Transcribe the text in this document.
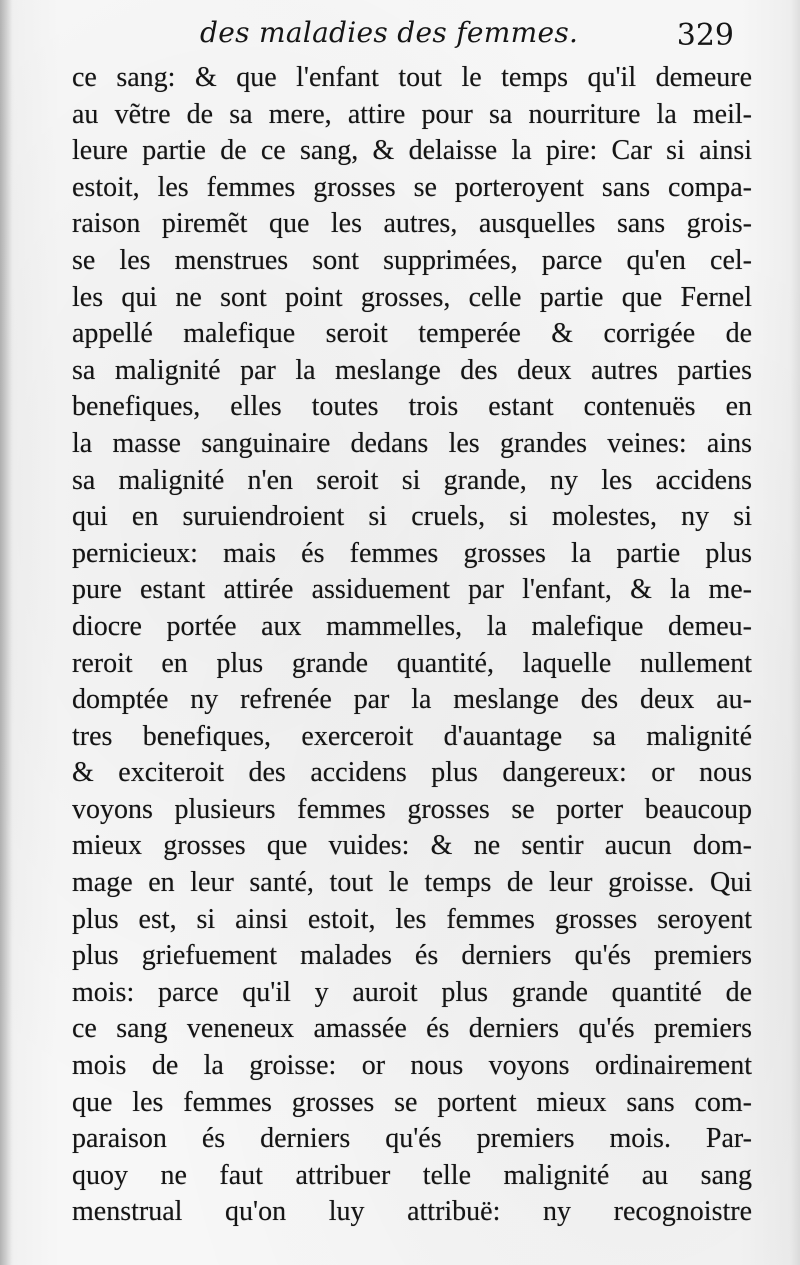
des maladies des femmes.	329
ce sang: & que l'enfant tout le temps qu'il demeure
au vẽtre de sa mere, attire pour sa nourriture la meil-
leure partie de ce sang, & delaisse la pire: Car si ainsi
estoit, les femmes grosses se porteroyent sans compa-
raison piremẽt que les autres, ausquelles sans grois-
se les menstrues sont supprimées, parce qu'en cel-
les qui ne sont point grosses, celle partie que Fernel
appellé malefique seroit temperée & corrigée de
sa malignité par la meslange des deux autres parties
benefiques, elles toutes trois estant contenuës en
la masse sanguinaire dedans les grandes veines: ains
sa malignité n'en seroit si grande, ny les accidens
qui en suruiendroient si cruels, si molestes, ny si
pernicieux: mais és femmes grosses la partie plus
pure estant attirée assiduement par l'enfant, & la me-
diocre portée aux mammelles, la malefique demeu-
reroit en plus grande quantité, laquelle nullement
domptée ny refrenée par la meslange des deux au-
tres benefiques, exerceroit d'auantage sa malignité
& exciteroit des accidens plus dangereux: or nous
voyons plusieurs femmes grosses se porter beaucoup
mieux grosses que vuides: & ne sentir aucun dom-
mage en leur santé, tout le temps de leur groisse. Qui
plus est, si ainsi estoit, les femmes grosses seroyent
plus griefuement malades és derniers qu'és premiers
mois: parce qu'il y auroit plus grande quantité de
ce sang veneneux amassée és derniers qu'és premiers
mois de la groisse: or nous voyons ordinairement
que les femmes grosses se portent mieux sans com-
paraison és derniers qu'és premiers mois. Par-
quoy ne faut attribuer telle malignité au sang
menstrual qu'on luy attribuë: ny recognoistre
